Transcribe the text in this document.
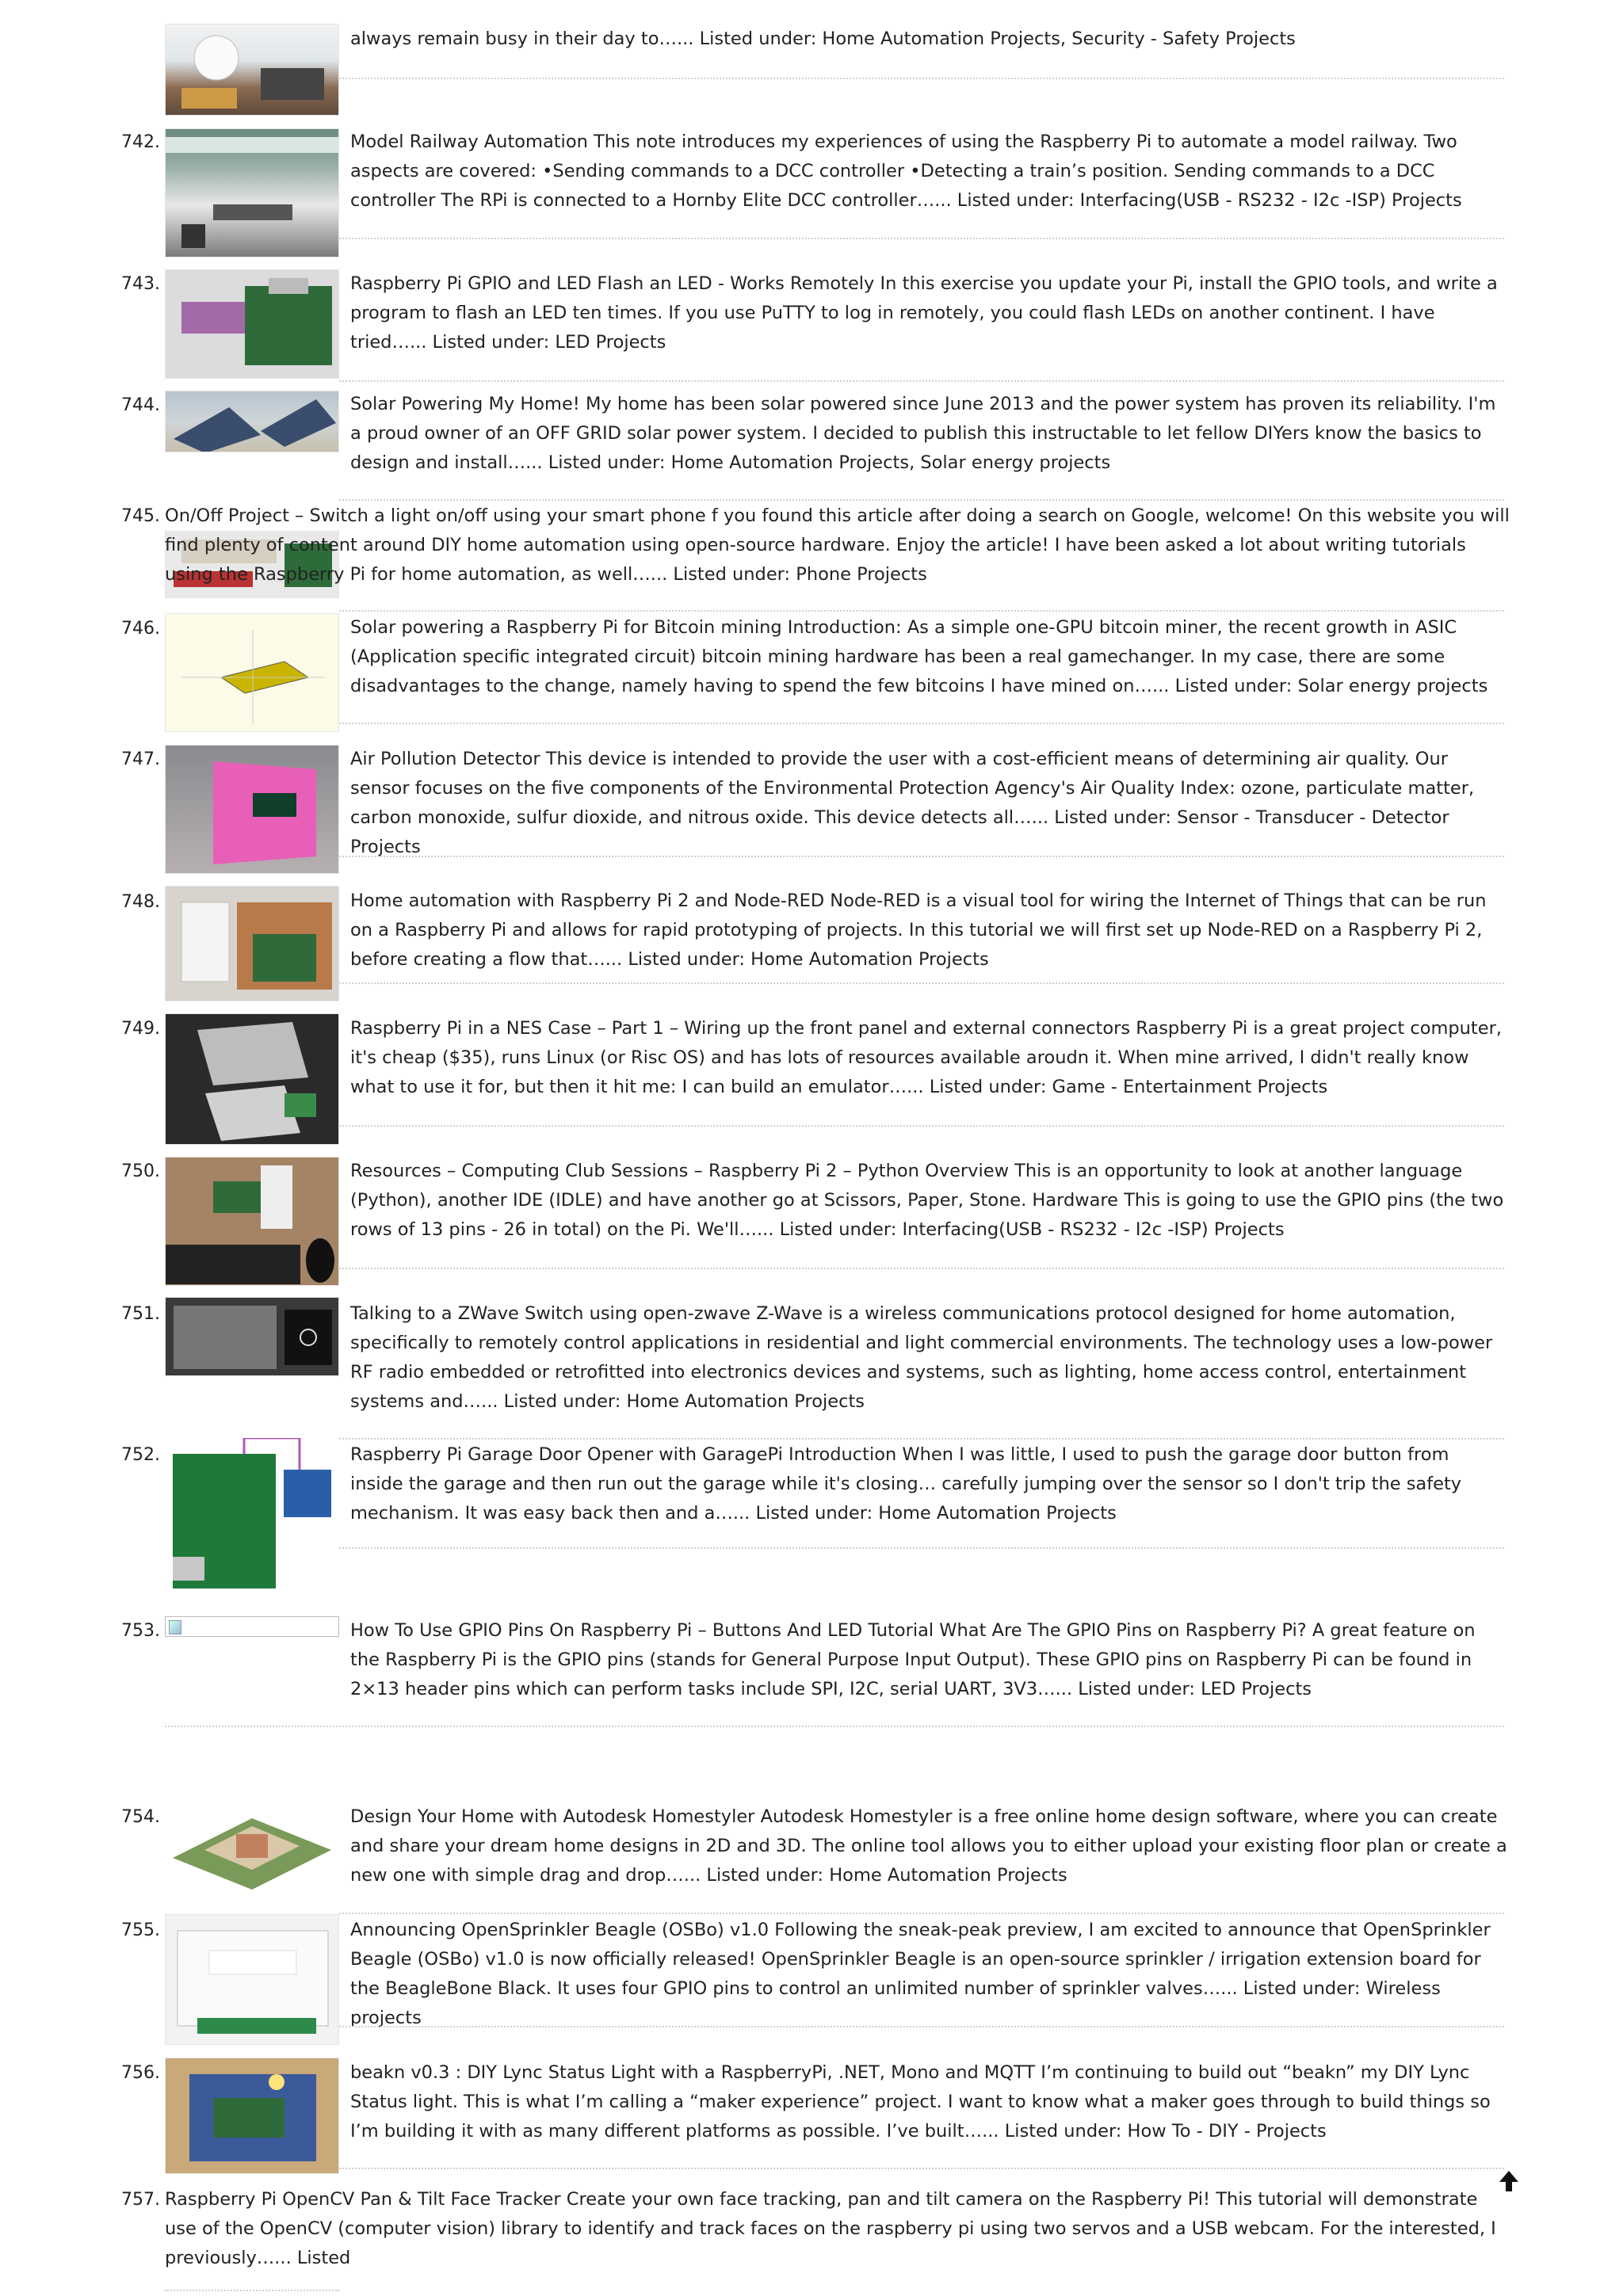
always remain busy in their day to…... Listed under: Home Automation Projects, Security - Safety Projects
742.	Model Railway Automation This note introduces my experiences of using the Raspberry Pi to automate a model railway. Two aspects are covered: •Sending commands to a DCC controller •Detecting a train’s position. Sending commands to a DCC controller The RPi is connected to a Hornby Elite DCC controller…... Listed under: Interfacing(USB - RS232 - I2c -ISP) Projects
743.	Raspberry Pi GPIO and LED Flash an LED - Works Remotely In this exercise you update your Pi, install the GPIO tools, and write a program to flash an LED ten times. If you use PuTTY to log in remotely, you could flash LEDs on another continent. I have tried…... Listed under: LED Projects
744.	Solar Powering My Home! My home has been solar powered since June 2013 and the power system has proven its reliability. I'm a proud owner of an OFF GRID solar power system. I decided to publish this instructable to let fellow DIYers know the basics to design and install…... Listed under: Home Automation Projects, Solar energy projects
745. On/Off Project – Switch a light on/off using your smart phone f you found this article after doing a search on Google, welcome! On this website you will find plenty of content around DIY home automation using open-source hardware. Enjoy the article! I have been asked a lot about writing tutorials using the Raspberry Pi for home automation, as well…... Listed under: Phone Projects
746.	Solar powering a Raspberry Pi for Bitcoin mining Introduction: As a simple one-GPU bitcoin miner, the recent growth in ASIC (Application specific integrated circuit) bitcoin mining hardware has been a real gamechanger. In my case, there are some disadvantages to the change, namely having to spend the few bitcoins I have mined on…... Listed under: Solar energy projects
747.	Air Pollution Detector This device is intended to provide the user with a cost-efficient means of determining air quality. Our sensor focuses on the five components of the Environmental Protection Agency's Air Quality Index: ozone, particulate matter, carbon monoxide, sulfur dioxide, and nitrous oxide. This device detects all…... Listed under: Sensor - Transducer - Detector Projects
748.	Home automation with Raspberry Pi 2 and Node-RED Node-RED is a visual tool for wiring the Internet of Things that can be run on a Raspberry Pi and allows for rapid prototyping of projects. In this tutorial we will first set up Node-RED on a Raspberry Pi 2, before creating a flow that…... Listed under: Home Automation Projects
749.	Raspberry Pi in a NES Case – Part 1 – Wiring up the front panel and external connectors Raspberry Pi is a great project computer, it's cheap ($35), runs Linux (or Risc OS) and has lots of resources available aroudn it. When mine arrived, I didn't really know what to use it for, but then it hit me: I can build an emulator…... Listed under: Game - Entertainment Projects
750.	Resources – Computing Club Sessions – Raspberry Pi 2 – Python Overview This is an opportunity to look at another language (Python), another IDE (IDLE) and have another go at Scissors, Paper, Stone. Hardware This is going to use the GPIO pins (the two rows of 13 pins - 26 in total) on the Pi. We'll…... Listed under: Interfacing(USB - RS232 - I2c -ISP) Projects
751.	Talking to a ZWave Switch using open-zwave Z-Wave is a wireless communications protocol designed for home automation, specifically to remotely control applications in residential and light commercial environments. The technology uses a low-power RF radio embedded or retrofitted into electronics devices and systems, such as lighting, home access control, entertainment systems and…... Listed under: Home Automation Projects
752.	Raspberry Pi Garage Door Opener with GaragePi Introduction When I was little, I used to push the garage door button from inside the garage and then run out the garage while it's closing… carefully jumping over the sensor so I don't trip the safety mechanism. It was easy back then and a…... Listed under: Home Automation Projects
753.	How To Use GPIO Pins On Raspberry Pi – Buttons And LED Tutorial What Are The GPIO Pins on Raspberry Pi? A great feature on the Raspberry Pi is the GPIO pins (stands for General Purpose Input Output). These GPIO pins on Raspberry Pi can be found in 2×13 header pins which can perform tasks include SPI, I2C, serial UART, 3V3…... Listed under: LED Projects
754.	Design Your Home with Autodesk Homestyler Autodesk Homestyler is a free online home design software, where you can create and share your dream home designs in 2D and 3D. The online tool allows you to either upload your existing floor plan or create a new one with simple drag and drop…... Listed under: Home Automation Projects
755.	Announcing OpenSprinkler Beagle (OSBo) v1.0 Following the sneak-peak preview, I am excited to announce that OpenSprinkler Beagle (OSBo) v1.0 is now officially released! OpenSprinkler Beagle is an open-source sprinkler / irrigation extension board for the BeagleBone Black. It uses four GPIO pins to control an unlimited number of sprinkler valves…... Listed under: Wireless projects
756.	beakn v0.3 : DIY Lync Status Light with a RaspberryPi, .NET, Mono and MQTT I’m continuing to build out “beakn” my DIY Lync Status light. This is what I’m calling a “maker experience” project. I want to know what a maker goes through to build things so I’m building it with as many different platforms as possible. I’ve built…... Listed under: How To - DIY - Projects
757. Raspberry Pi OpenCV Pan & Tilt Face Tracker Create your own face tracking, pan and tilt camera on the Raspberry Pi! This tutorial will demonstrate use of the OpenCV (computer vision) library to identify and track faces on the raspberry pi using two servos and a USB webcam. For the interested, I previously…... Listed
